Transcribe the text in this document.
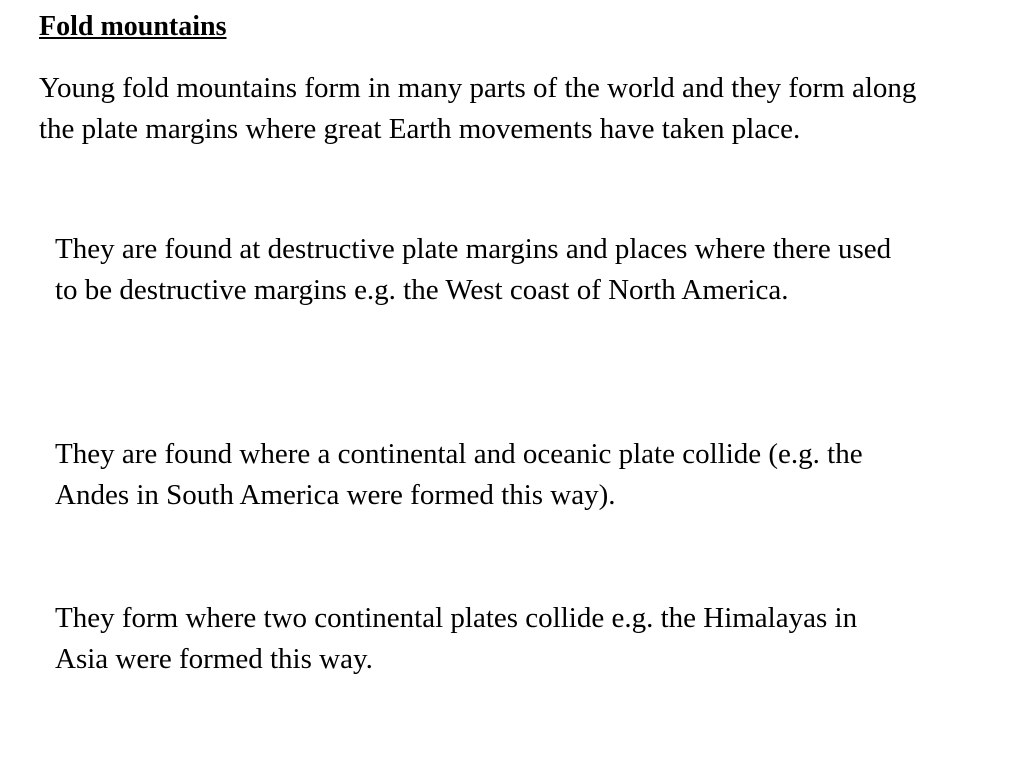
Fold mountains

Young fold mountains form in many parts of the world and they form along the plate margins where great Earth movements have taken place.

They are found at destructive plate margins and places where there used to be destructive margins e.g. the West coast of North America.

They are found where a continental and oceanic plate collide (e.g. the Andes in South America were formed this way).

They form where two continental plates collide e.g. the Himalayas in Asia were formed this way.
